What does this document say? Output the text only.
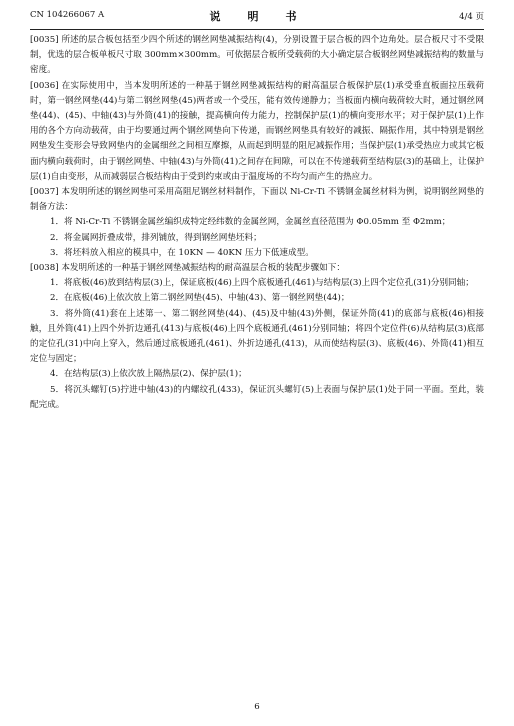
CN 104266067 A	说　明　书	4/4 页

[0035] 所述的层合板包括至少四个所述的钢丝网垫减振结构(4)，分别设置于层合板的四个边角处。层合板尺寸不受限制，优选的层合板单板尺寸取 300mm×300mm。可依据层合板所受载荷的大小确定层合板钢丝网垫减振结构的数量与密度。

[0036] 在实际使用中，当本发明所述的一种基于钢丝网垫减振结构的耐高温层合板保护层(1)承受垂直板面拉压载荷时，第一钢丝网垫(44)与第二钢丝网垫(45)两者或一个受压，能有效传递静力；当板面内横向载荷较大时，通过钢丝网垫(44)、(45)、中轴(43)与外筒(41)的接触，提高横向传力能力，控制保护层(1)的横向变形水平；对于保护层(1)上作用的各个方向动载荷，由于均要通过两个钢丝网垫向下传递，而钢丝网垫具有较好的减振、隔振作用，其中特别是钢丝网垫发生变形会导致网垫内的金属细丝之间相互摩擦，从而起到明显的阻尼减振作用；当保护层(1)承受热应力或其它板面内横向载荷时，由于钢丝网垫、中轴(43)与外筒(41)之间存在间隙，可以在不传递载荷至结构层(3)的基础上，让保护层(1)自由变形，从而减弱层合板结构由于受到约束或由于温度场的不均匀而产生的热应力。

[0037] 本发明所述的钢丝网垫可采用高阻尼钢丝材料制作，下面以 Ni-Cr-Ti 不锈钢金属丝材料为例，说明钢丝网垫的制备方法：

1．将 Ni-Cr-Ti 不锈钢金属丝编织成特定经纬数的金属丝网，金属丝直径范围为 Φ0.05mm 至 Φ2mm；

2．将金属网折叠成带，排列铺放，得到钢丝网垫坯料；

3．将坯料放入相应的模具中，在 10KN — 40KN 压力下低速成型。

[0038] 本发明所述的一种基于钢丝网垫减振结构的耐高温层合板的装配步骤如下：

1．将底板(46)放到结构层(3)上，保证底板(46)上四个底板通孔(461)与结构层(3)上四个定位孔(31)分别同轴；

2．在底板(46)上依次放上第二钢丝网垫(45)、中轴(43)、第一钢丝网垫(44)；

3．将外筒(41)套在上述第一、第二钢丝网垫(44)、(45)及中轴(43)外侧，保证外筒(41)的底部与底板(46)相接触，且外筒(41)上四个外折边通孔(413)与底板(46)上四个底板通孔(461)分别同轴；将四个定位件(6)从结构层(3)底部的定位孔(31)中向上穿入，然后通过底板通孔(461)、外折边通孔(413)，从而使结构层(3)、底板(46)、外筒(41)相互定位与固定；

4．在结构层(3)上依次放上隔热层(2)、保护层(1)；

5．将沉头螺钉(5)拧进中轴(43)的内螺纹孔(433)，保证沉头螺钉(5)上表面与保护层(1)处于同一平面。至此，装配完成。

6
